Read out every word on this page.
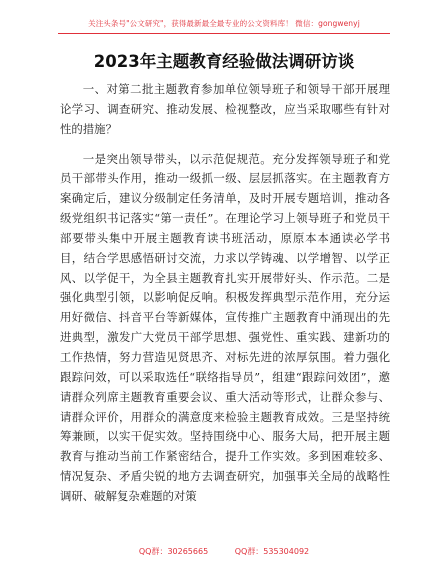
关注头条号"公文研究"，获得最新最全最专业的公文资料库！ 微信：gongwenyj
2023年主题教育经验做法调研访谈

一、对第二批主题教育参加单位领导班子和领导干部开展理论学习、调查研究、推动发展、检视整改，应当采取哪些有针对性的措施？

一是突出领导带头，以示范促规范。充分发挥领导班子和党员干部带头作用，推动一级抓一级、层层抓落实。在主题教育方案确定后，建议分级制定任务清单，及时开展专题培训，推动各级党组织书记落实“第一责任”。在理论学习上领导班子和党员干部要带头集中开展主题教育读书班活动，原原本本通读必学书目，结合学思感悟研讨交流，力求以学铸魂、以学增智、以学正风、以学促干，为全县主题教育扎实开展带好头、作示范。二是强化典型引领，以影响促反响。积极发挥典型示范作用，充分运用好微信、抖音平台等新媒体，宣传推广主题教育中涌现出的先进典型，激发广大党员干部学思想、强党性、重实践、建新功的工作热情，努力营造见贤思齐、对标先进的浓厚氛围。着力强化跟踪问效，可以采取选任“联络指导员”，组建“跟踪问效团”，邀请群众列席主题教育重要会议、重大活动等形式，让群众参与、请群众评价，用群众的满意度来检验主题教育成效。三是坚持统筹兼顾，以实干促实效。坚持围绕中心、服务大局，把开展主题教育与推动当前工作紧密结合，提升工作实效。多到困难较多、情况复杂、矛盾尖锐的地方去调查研究，加强事关全局的战略性调研、破解复杂难题的对策

QQ群：30265665	QQ群：535304092
